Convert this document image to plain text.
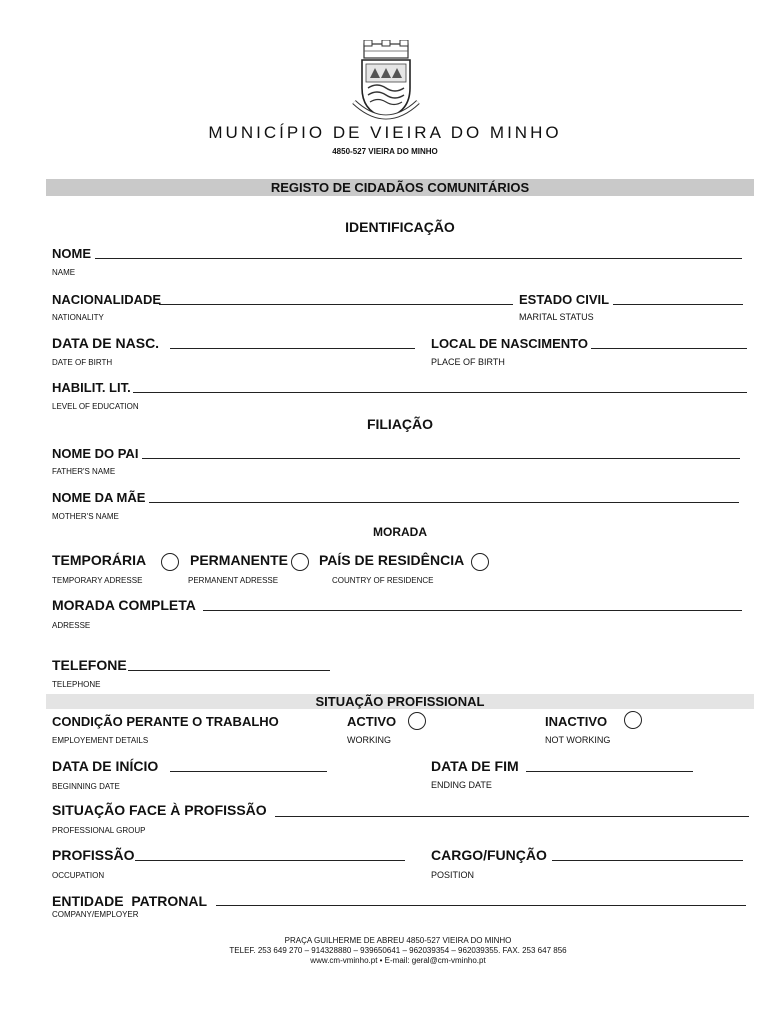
MUNICÍPIO DE VIEIRA DO MINHO
4850-527 VIEIRA DO MINHO
REGISTO DE CIDADÃOS COMUNITÁRIOS
IDENTIFICAÇÃO
NOME
NAME
NACIONALIDADE
NATIONALITY
ESTADO CIVIL
MARITAL STATUS
DATA DE NASC.
DATE OF BIRTH
LOCAL DE NASCIMENTO
PLACE OF BIRTH
HABILIT. LIT.
LEVEL OF EDUCATION
FILIAÇÃO
NOME DO PAI
FATHER'S NAME
NOME DA MÃE
MOTHER'S NAME
MORADA
TEMPORÁRIA
TEMPORARY ADRESSE
PERMANENTE
PERMANENT ADRESSE
PAÍS DE RESIDÊNCIA
COUNTRY OF RESIDENCE
MORADA COMPLETA
ADRESSE
TELEFONE
TELEPHONE
SITUAÇÃO PROFISSIONAL
CONDIÇÃO PERANTE O TRABALHO
EMPLOYEMENT DETAILS
ACTIVO
WORKING
INACTIVO
NOT WORKING
DATA DE INÍCIO
BEGINNING DATE
DATA DE FIM
ENDING DATE
SITUAÇÃO FACE À PROFISSÃO
PROFESSIONAL GROUP
PROFISSÃO
OCCUPATION
CARGO/FUNÇÃO
POSITION
ENTIDADE  PATRONAL
COMPANY/EMPLOYER
PRAÇA GUILHERME DE ABREU 4850-527 VIEIRA DO MINHO
TELEF. 253 649 270 – 914328880 – 939650641 – 962039354 – 962039355. FAX. 253 647 856
www.cm-vminho.pt • E-mail: geral@cm-vminho.pt
